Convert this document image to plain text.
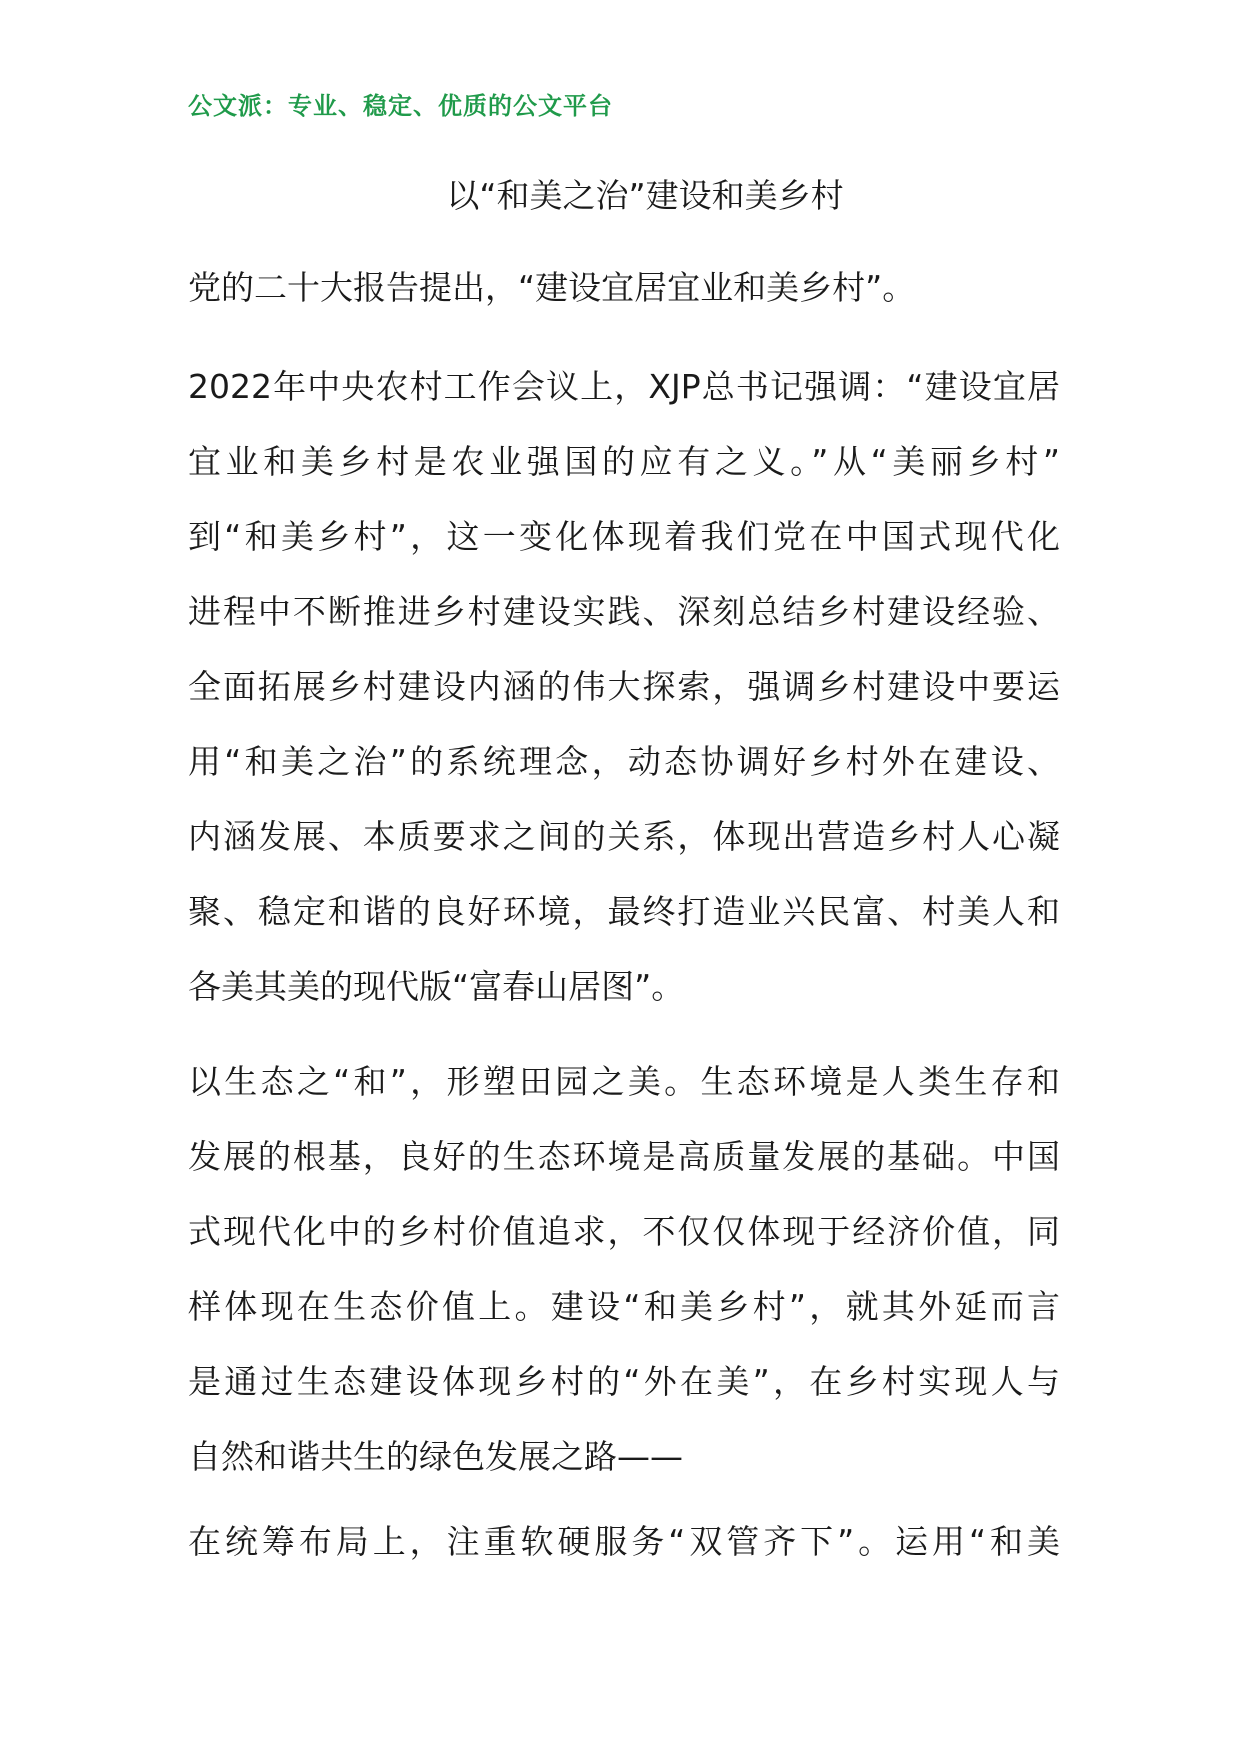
公文派：专业、稳定、优质的公文平台
以“和美之治”建设和美乡村
党的二十大报告提出，“建设宜居宜业和美乡村”。
2022年中央农村工作会议上，XJP总书记强调：“建设宜居
宜业和美乡村是农业强国的应有之义。”从“美丽乡村”
到“和美乡村”，这一变化体现着我们党在中国式现代化
进程中不断推进乡村建设实践、深刻总结乡村建设经验、
全面拓展乡村建设内涵的伟大探索，强调乡村建设中要运
用“和美之治”的系统理念，动态协调好乡村外在建设、
内涵发展、本质要求之间的关系，体现出营造乡村人心凝
聚、稳定和谐的良好环境，最终打造业兴民富、村美人和
各美其美的现代版“富春山居图”。
以生态之“和”，形塑田园之美。生态环境是人类生存和
发展的根基，良好的生态环境是高质量发展的基础。中国
式现代化中的乡村价值追求，不仅仅体现于经济价值，同
样体现在生态价值上。建设“和美乡村”，就其外延而言
是通过生态建设体现乡村的“外在美”，在乡村实现人与
自然和谐共生的绿色发展之路——
在统筹布局上，注重软硬服务“双管齐下”。运用“和美
